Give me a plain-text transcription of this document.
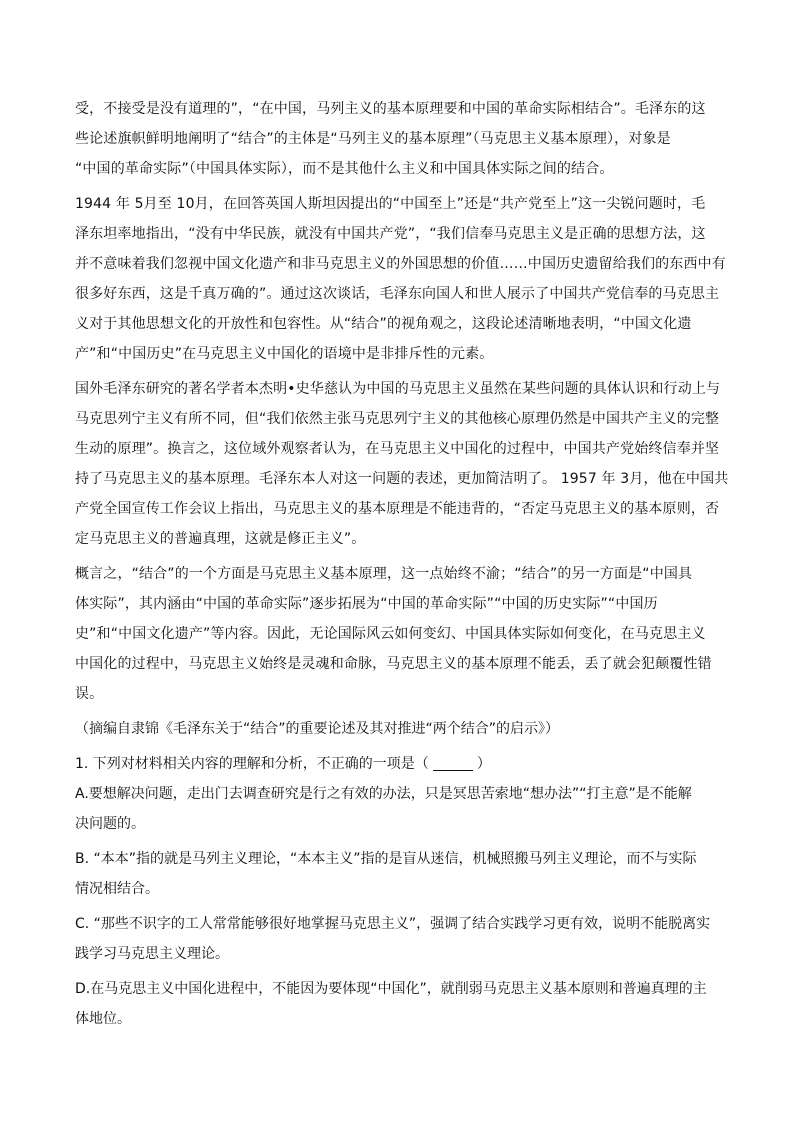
受，不接受是没有道理的”，“在中国，马列主义的基本原理要和中国的革命实际相结合”。毛泽东的这
些论述旗帜鲜明地阐明了“结合”的主体是“马列主义的基本原理”（马克思主义基本原理），对象是
“中国的革命实际”（中国具体实际），而不是其他什么主义和中国具体实际之间的结合。
1944 年 5月至 10月，在回答英国人斯坦因提出的“中国至上”还是“共产党至上”这一尖锐问题时，毛
泽东坦率地指出，“没有中华民族，就没有中国共产党”，“我们信奉马克思主义是正确的思想方法，这
并不意味着我们忽视中国文化遗产和非马克思主义的外国思想的价值……中国历史遗留给我们的东西中有
很多好东西，这是千真万确的”。通过这次谈话，毛泽东向国人和世人展示了中国共产党信奉的马克思主
义对于其他思想文化的开放性和包容性。从“结合”的视角观之，这段论述清晰地表明，“中国文化遗
产”和“中国历史”在马克思主义中国化的语境中是非排斥性的元素。
国外毛泽东研究的著名学者本杰明•史华慈认为中国的马克思主义虽然在某些问题的具体认识和行动上与
马克思列宁主义有所不同，但“我们依然主张马克思列宁主义的其他核心原理仍然是中国共产主义的完整
生动的原理”。换言之，这位域外观察者认为，在马克思主义中国化的过程中，中国共产党始终信奉并坚
持了马克思主义的基本原理。毛泽东本人对这一问题的表述，更加简洁明了。 1957 年 3月，他在中国共
产党全国宣传工作会议上指出，马克思主义的基本原理是不能违背的，“否定马克思主义的基本原则，否
定马克思主义的普遍真理，这就是修正主义”。
概言之，“结合”的一个方面是马克思主义基本原理，这一点始终不渝；“结合”的另一方面是“中国具
体实际”，其内涵由“中国的革命实际”逐步拓展为“中国的革命实际”“中国的历史实际”“中国历
史”和“中国文化遗产”等内容。因此，无论国际风云如何变幻、中国具体实际如何变化，在马克思主义
中国化的过程中，马克思主义始终是灵魂和命脉，马克思主义的基本原理不能丢，丢了就会犯颠覆性错
误。
（摘编自隶锦《毛泽东关于“结合”的重要论述及其对推进“两个结合”的启示》）
1. 下列对材料相关内容的理解和分析，不正确的一项是（	）
A.要想解决问题，走出门去调查研究是行之有效的办法，只是冥思苦索地“想办法”“打主意”是不能解
决问题的。
B. “本本”指的就是马列主义理论，“本本主义”指的是盲从迷信，机械照搬马列主义理论，而不与实际
情况相结合。
C. “那些不识字的工人常常能够很好地掌握马克思主义”，强调了结合实践学习更有效，说明不能脱离实
践学习马克思主义理论。
D.在马克思主义中国化进程中，不能因为要体现“中国化”，就削弱马克思主义基本原则和普遍真理的主
体地位。
